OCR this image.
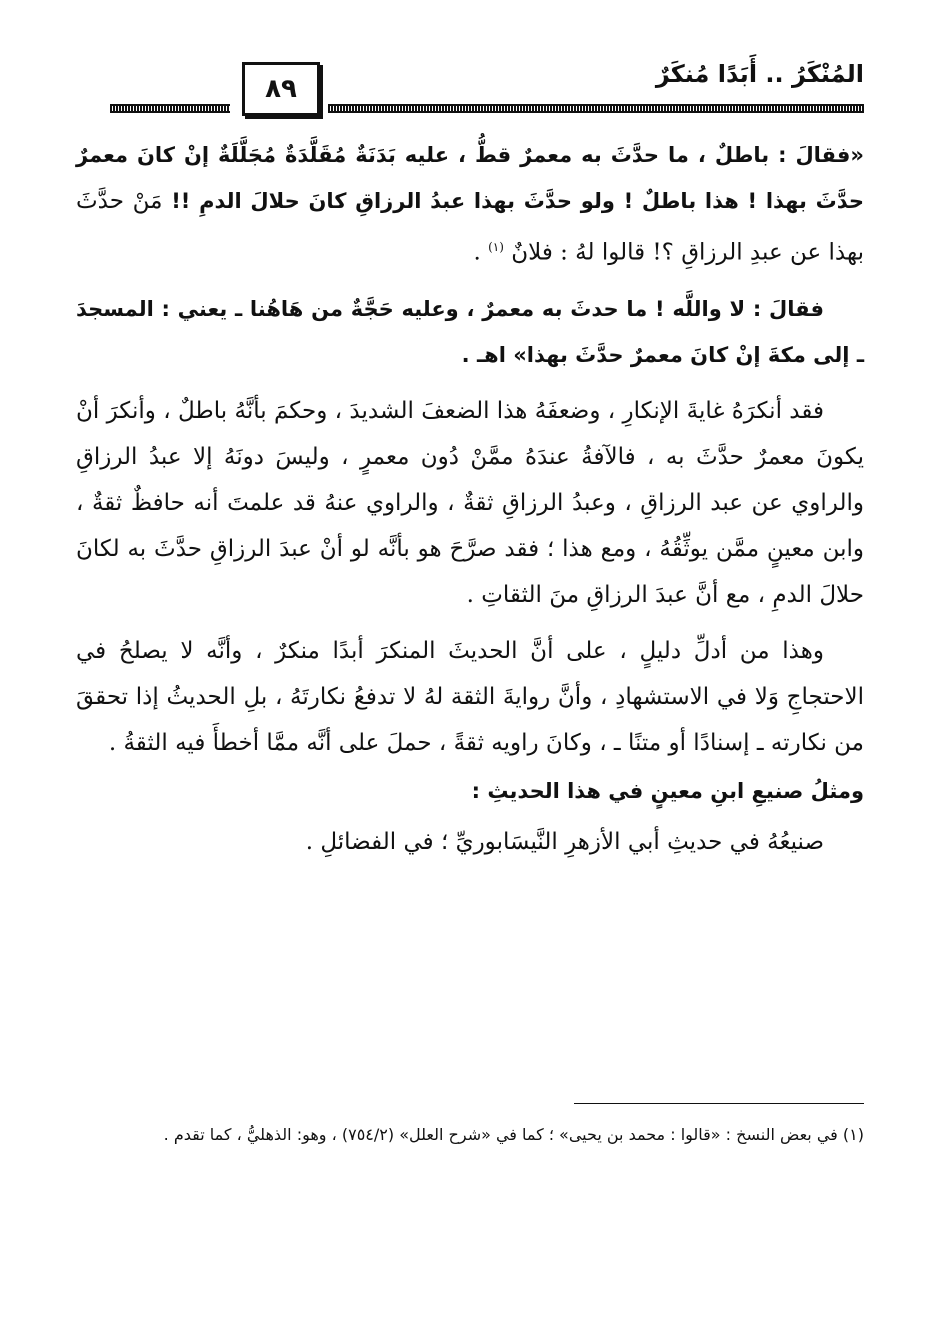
المُنْكَرُ .. أَبَدًا مُنكَرٌ
٨٩

«فقالَ : باطلٌ ، ما حدَّثَ به معمرٌ قطُّ ، عليه بَدَنَةٌ مُقَلَّدَةٌ مُجَلَّلَةٌ إنْ كانَ معمرٌ حدَّثَ بهذا ! هذا باطلٌ ! ولو حدَّثَ بهذا عبدُ الرزاقِ كانَ حلالَ الدمِ !! مَنْ حدَّثَ بهذا عن عبدِ الرزاقِ ؟! قالوا لهُ : فلانٌ $^{(١)}$ .

فقالَ : لا واللَّه ! ما حدثَ به معمرٌ ، وعليه حَجَّةٌ من هَاهُنا ـ يعني : المسجدَ ـ إلى مكةَ إنْ كانَ معمرٌ حدَّثَ بهذا» اهـ .

فقد أنكرَهُ غايةَ الإنكارِ ، وضعفَهُ هذا الضعفَ الشديدَ ، وحكمَ بأنَّهُ باطلٌ ، وأنكرَ أنْ يكونَ معمرٌ حدَّثَ به ، فالآفةُ عندَهُ ممَّنْ دُون معمرٍ ، وليسَ دونَهُ إلا عبدُ الرزاقِ والراوي عن عبد الرزاقِ ، وعبدُ الرزاقِ ثقةٌ ، والراوي عنهُ قد علمتَ أنه حافظٌ ثقةٌ ، وابن معينٍ ممَّن يوثِّقُهُ ، ومع هذا ؛ فقد صرَّحَ هو بأنَّه لو أنْ عبدَ الرزاقِ حدَّثَ به لكانَ حلالَ الدمِ ، مع أنَّ عبدَ الرزاقِ منَ الثقاتِ .

وهذا من أدلِّ دليلٍ ، على أنَّ الحديثَ المنكرَ أبدًا منكرٌ ، وأنَّه لا يصلحُ في الاحتجاجِ وَلا في الاستشهادِ ، وأنَّ روايةَ الثقة لهُ لا تدفعُ نكارتَهُ ، بلِ الحديثُ إذا تحققَ من نكارته ـ إسنادًا أو متنًا ـ ، وكانَ راويه ثقةً ، حملَ على أنَّه ممَّا أخطأَ فيه الثقةُ .

ومثلُ صنيعِ ابنِ معينٍ في هذا الحديثِ :

صنيعُهُ في حديثِ أبي الأزهرِ النَّيسَابوريِّ ؛ في الفضائلِ .

(١) في بعض النسخ : «قالوا : محمد بن يحيى» ؛ كما في «شرح العلل» (٧٥٤/٢) ، وهو: الذهليُّ ، كما تقدم .
